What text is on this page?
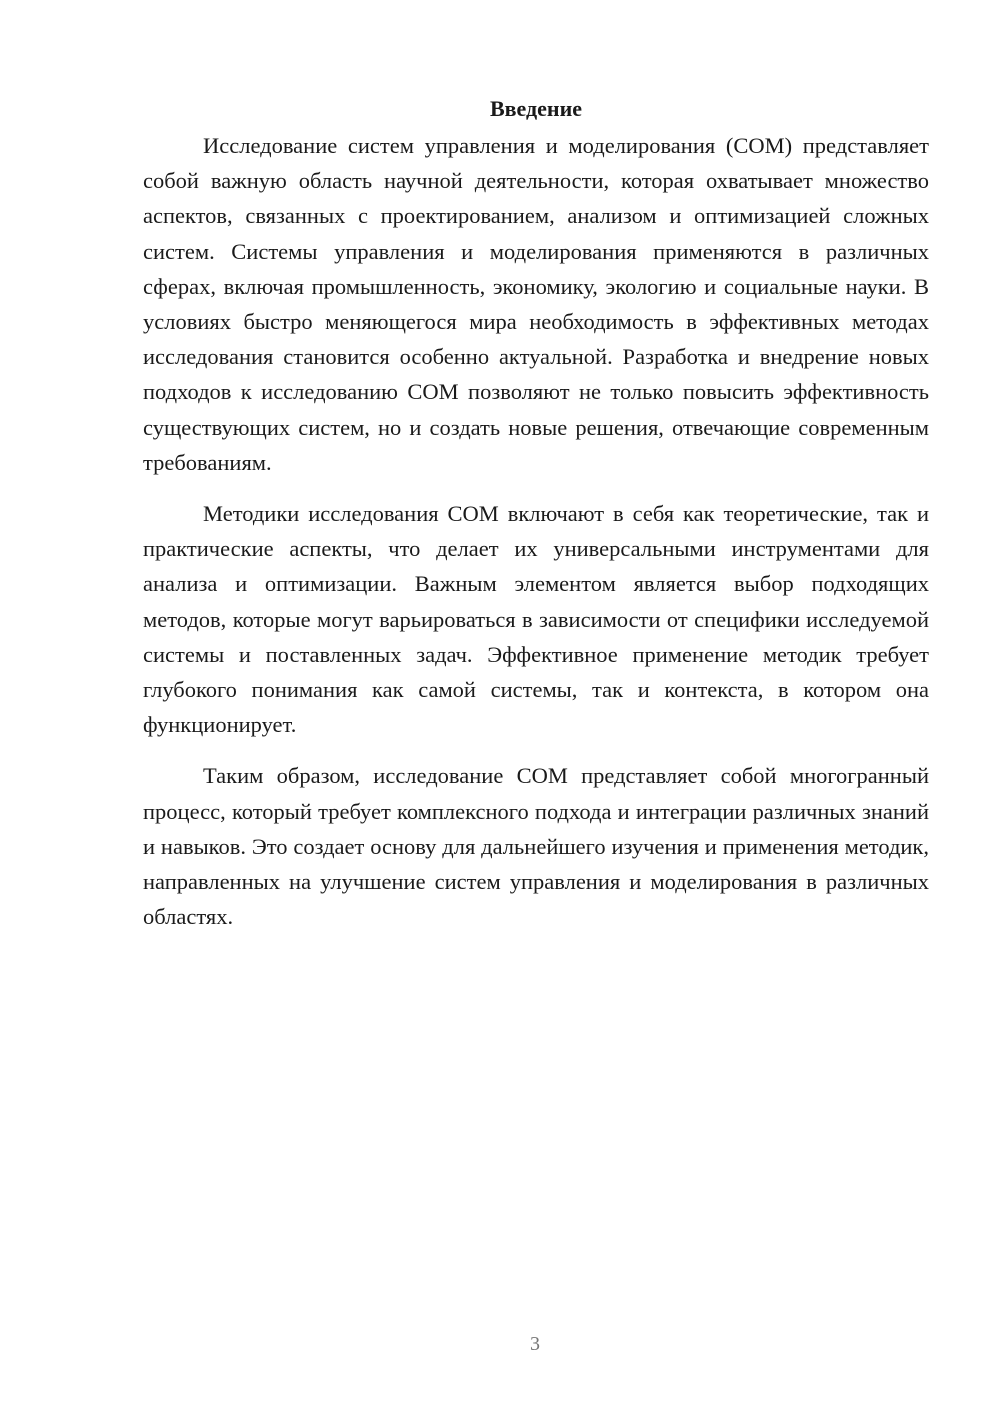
Введение

Исследование систем управления и моделирования (СОМ) представляет собой важную область научной деятельности, которая охватывает множество аспектов, связанных с проектированием, анализом и оптимизацией сложных систем. Системы управления и моделирования применяются в различных сферах, включая промышленность, экономику, экологию и социальные науки. В условиях быстро меняющегося мира необходимость в эффективных методах исследования становится особенно актуальной. Разработка и внедрение новых подходов к исследованию СОМ позволяют не только повысить эффективность существующих систем, но и создать новые решения, отвечающие современным требованиям.

Методики исследования СОМ включают в себя как теоретические, так и практические аспекты, что делает их универсальными инструментами для анализа и оптимизации. Важным элементом является выбор подходящих методов, которые могут варьироваться в зависимости от специфики исследуемой системы и поставленных задач. Эффективное применение методик требует глубокого понимания как самой системы, так и контекста, в котором она функционирует.

Таким образом, исследование СОМ представляет собой многогранный процесс, который требует комплексного подхода и интеграции различных знаний и навыков. Это создает основу для дальнейшего изучения и применения методик, направленных на улучшение систем управления и моделирования в различных областях.

3
